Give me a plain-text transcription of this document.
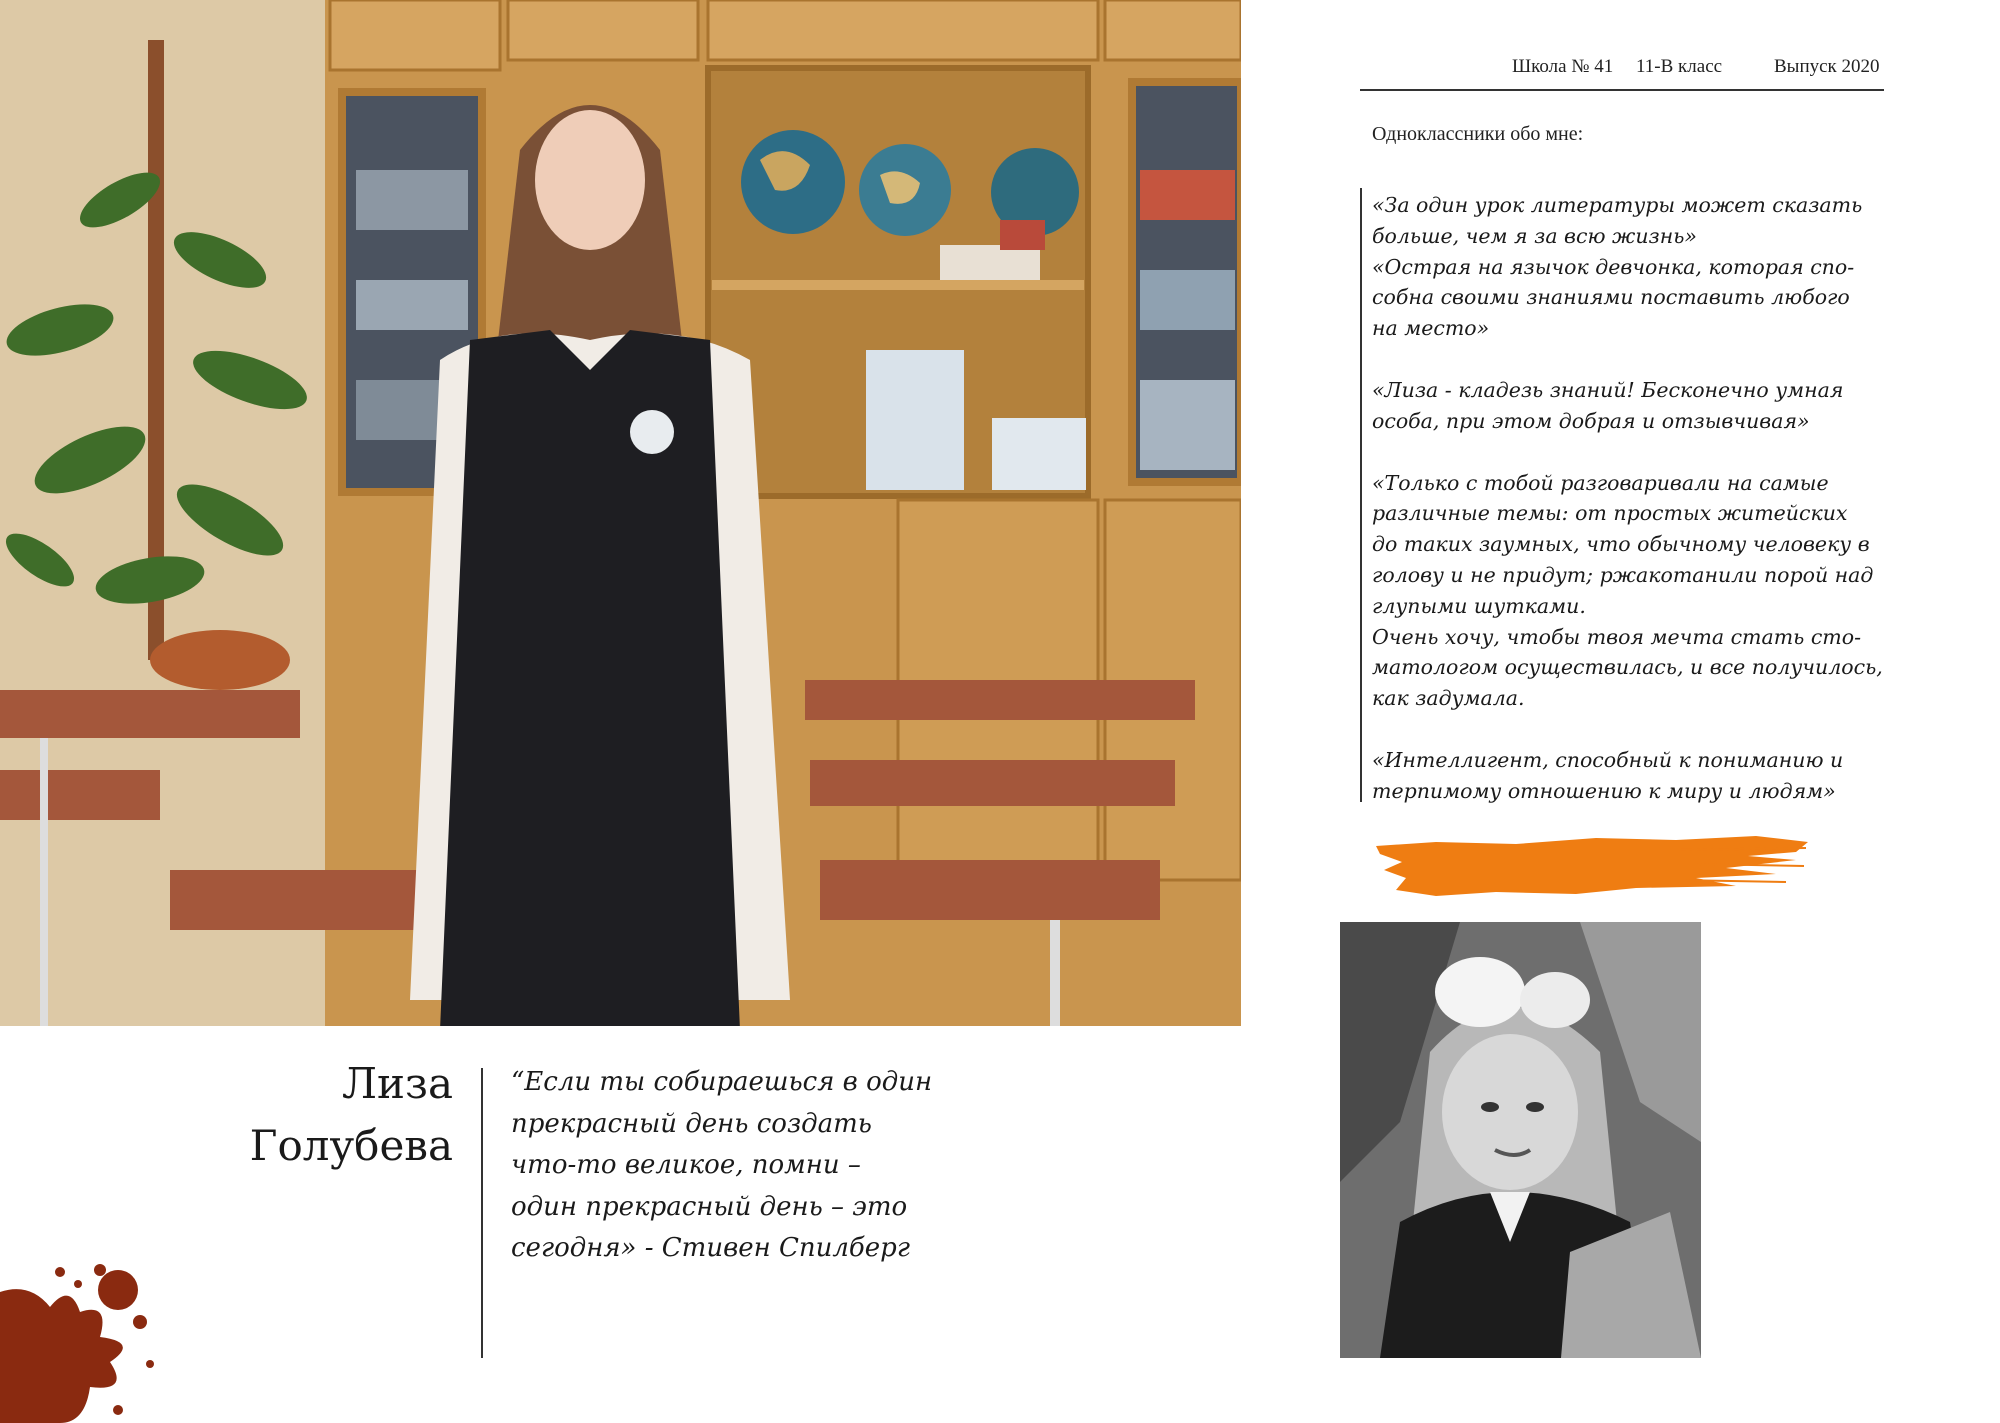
Школа № 41 11-В класс	Выпуск 2020
Одноклассники обо мне:

«За один урок литературы может сказать

больше, чем я за всю жизнь»

«Острая на язычок девчонка, которая спо-

собна своими знаниями поставить любого

на место»

«Лиза - кладезь знаний! Бесконечно умная

особа, при этом добрая и отзывчивая»

«Только с тобой разговаривали на самые

различные темы: от простых житейских

до таких заумных, что обычному человеку в

голову и не придут; ржакотанили порой над

глупыми шутками.

Очень хочу, чтобы твоя мечта стать сто-

матологом осуществилась, и все получилось,

как задумала.

«Интеллигент, способный к пониманию и

терпимому отношению к миру и людям»

Лиза
Голубева
“Если ты собираешься в один
прекрасный день создать
что-то великое, помни –
один прекрасный день – это
сегодня» - Стивен Спилберг
